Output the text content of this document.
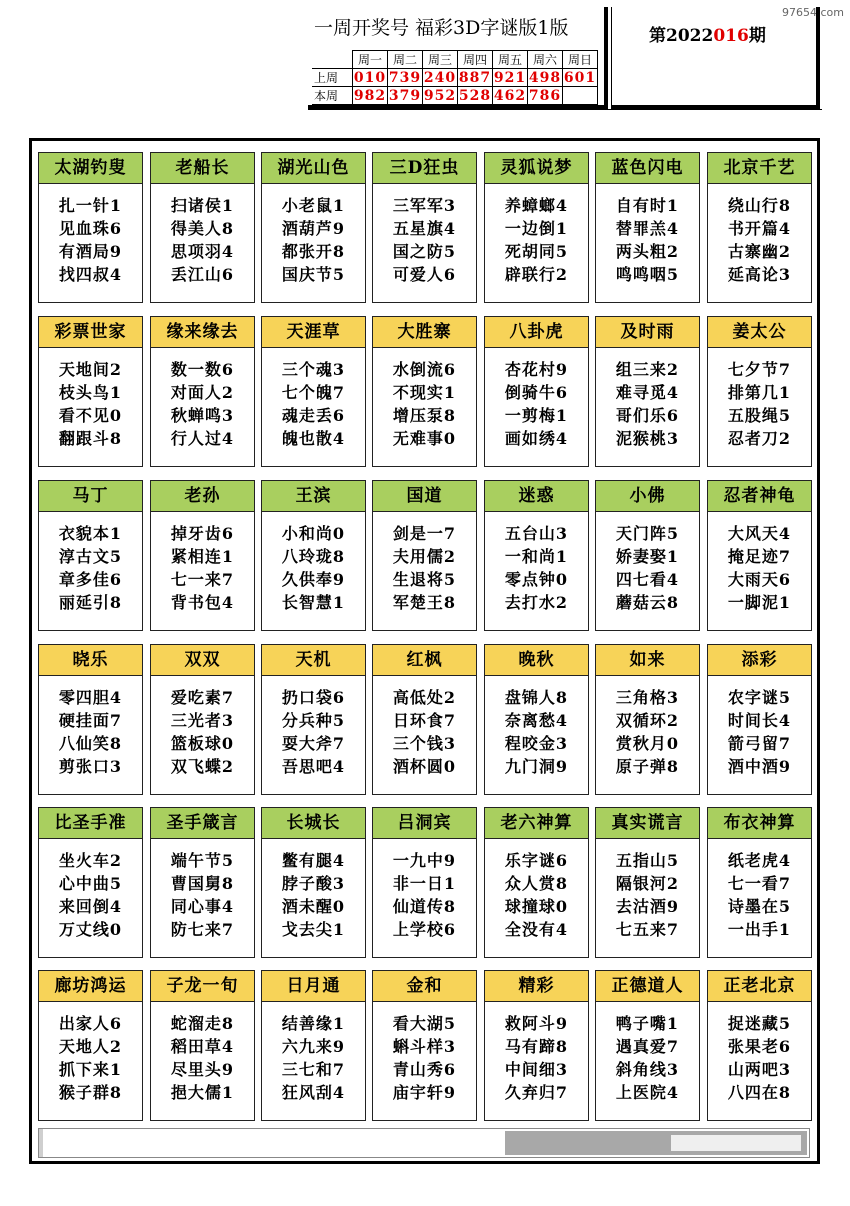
97654.com
一周开奖号 福彩3D字谜版1版
	周一	周二	周三	周四	周五	周六	周日
上周	010	739	240	887	921	498	601
本周	982	379	952	528	462	786	
第2022016期
太湖钓叟
扎一针1
见血珠6
有酒局9
找四叔4
老船长
扫诸侯1
得美人8
思项羽4
丢江山6
湖光山色
小老鼠1
酒葫芦9
都张开8
国庆节5
三D狂虫
三军军3
五星旗4
国之防5
可爱人6
灵狐说梦
养蟑螂4
一边倒1
死胡同5
辟联行2
蓝色闪电
自有时1
替罪羔4
两头粗2
鸣鸣咽5
北京千艺
绕山行8
书开篇4
古寨幽2
延高论3
彩票世家
天地间2
枝头鸟1
看不见0
翻跟斗8
缘来缘去
数一数6
对面人2
秋蝉鸣3
行人过4
天涯草
三个魂3
七个魄7
魂走丢6
魄也散4
大胜寨
水倒流6
不现实1
增压泵8
无难事0
八卦虎
杏花村9
倒骑牛6
一剪梅1
画如绣4
及时雨
组三来2
难寻觅4
哥们乐6
泥猴桃3
姜太公
七夕节7
排第几1
五股绳5
忍者刀2
马丁
衣貌本1
淳古文5
章多佳6
丽延引8
老孙
掉牙齿6
紧相连1
七一来7
背书包4
王滨
小和尚0
八玲珑8
久供奉9
长智慧1
国道
剑是一7
夫用儒2
生退将5
军楚王8
迷惑
五台山3
一和尚1
零点钟0
去打水2
小佛
天门阵5
娇妻娶1
四七看4
蘑菇云8
忍者神龟
大风天4
掩足迹7
大雨天6
一脚泥1
晓乐
零四胆4
硬挂面7
八仙笑8
剪张口3
双双
爱吃素7
三光者3
篮板球0
双飞蝶2
天机
扔口袋6
分兵种5
耍大斧7
吾思吧4
红枫
高低处2
日环食7
三个钱3
酒杯圆0
晚秋
盘锦人8
奈离愁4
程咬金3
九门洞9
如来
三角格3
双循环2
赏秋月0
原子弹8
添彩
农字谜5
时间长4
箭弓留7
酒中酒9
比圣手准
坐火车2
心中曲5
来回倒4
万丈线0
圣手箴言
端午节5
曹国舅8
同心事4
防七来7
长城长
鳖有腿4
脖子酸3
酒未醒0
戈去尖1
吕洞宾
一九中9
非一日1
仙道传8
上学校6
老六神算
乐字谜6
众人赏8
球撞球0
全没有4
真实谎言
五指山5
隔银河2
去沽酒9
七五来7
布衣神算
纸老虎4
七一看7
诗墨在5
一出手1
廊坊鸿运
出家人6
天地人2
抓下来1
猴子群8
子龙一旬
蛇溜走8
稻田草4
尽里头9
挹大儒1
日月通
结善缘1
六九来9
三七和7
狂风刮4
金和
看大湖5
蝌斗样3
青山秀6
庙宇轩9
精彩
救阿斗9
马有蹄8
中间细3
久弃归7
正德道人
鸭子嘴1
遇真爱7
斜角线3
上医院4
正老北京
捉迷藏5
张果老6
山两吧3
八四在8
